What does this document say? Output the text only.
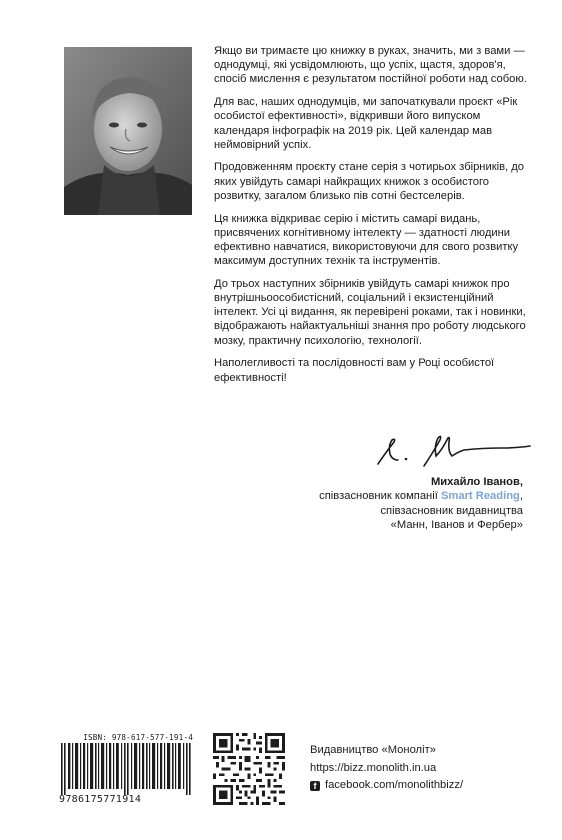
Якщо ви тримаєте цю книжку в руках, значить, ми з вами — однодумці, які усвідомлюють, що успіх, щастя, здоров'я, спосіб мислення є результатом постійної роботи над собою.

Для вас, наших однодумців, ми започаткували проєкт «Рік особистої ефективності», відкривши його випуском календаря інфографік на 2019 рік. Цей календар мав неймовірний успіх.

Продовженням проєкту стане серія з чотирьох збірників, до яких увійдуть самарі найкращих книжок з особистого розвитку, загалом близько пів сотні бестселерів.

Ця книжка відкриває серію і містить самарі видань, присвячених когнітивному інтелекту — здатності людини ефективно навчатися, використовуючи для свого розвитку максимум доступних технік та інструментів.

До трьох наступних збірників увійдуть самарі книжок про внутрішньоособистісний, соціальний і екзистенційний інтелект. Усі ці видання, як перевірені роками, так і новинки, відображають найактуальніші знання про роботу людського мозку, практичну психологію, технології.

Наполегливості та послідовності вам у Році особистої ефективності!

Михайло Іванов,
співзасновник компанії Smart Reading,
співзасновник видавництва
«Манн, Іванов и Фербер»
ISBN: 978-617-577-191-4
9786175771914
Видавництво «Моноліт»
https://bizz.monolith.in.ua
f facebook.com/monolithbizz/
